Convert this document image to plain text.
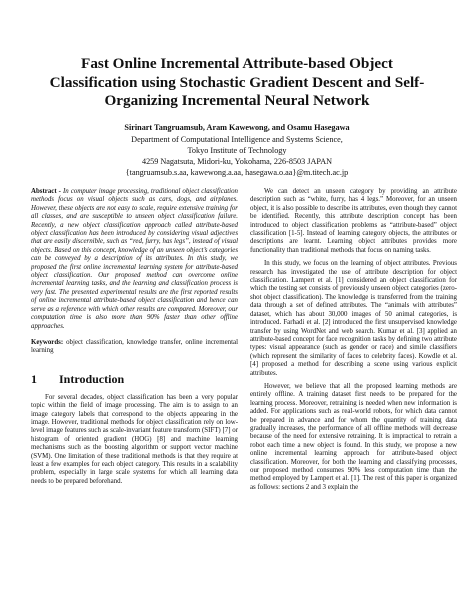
Fast Online Incremental Attribute-based Object
Classification using Stochastic Gradient Descent and Self-
Organizing Incremental Neural Network
Sirinart Tangruamsub, Aram Kawewong, and Osamu Hasegawa
Department of Computational Intelligence and Systems Science,
Tokyo Institute of Technology
4259 Nagatsuta, Midori-ku, Yokohama, 226-8503 JAPAN
{tangruamsub.s.aa, kawewong.a.aa, hasegawa.o.aa}@m.titech.ac.jp
Abstract - In computer image processing, traditional object classification methods focus on visual objects such as cars, dogs, and airplanes. However, these objects are not easy to scale, require extensive training for all classes, and are susceptible to unseen object classification failure. Recently, a new object classification approach called attribute-based object classification has been introduced by considering visual adjectives that are easily discernible, such as “red, furry, has legs”, instead of visual objects. Based on this concept, knowledge of an unseen object’s categories can be conveyed by a description of its attributes. In this study, we proposed the first online incremental learning system for attribute-based object classification. Our proposed method can overcome online incremental learning tasks, and the learning and classification process is very fast. The presented experimental results are the first reported results of online incremental attribute-based object classification and hence can serve as a reference with which other results are compared. Moreover, our computation time is also more than 90% faster than other offline approaches.
Keywords: object classification, knowledge transfer, online incremental learning
1 Introduction

For several decades, object classification has been a very popular topic within the field of image processing. The aim is to assign to an image category labels that correspond to the objects appearing in the image. However, traditional methods for object classification rely on low-level image features such as scale-invariant feature transform (SIFT) [7] or histogram of oriented gradient (HOG) [8] and machine learning mechanisms such as the boosting algorithm or support vector machine (SVM). One limitation of these traditional methods is that they require at least a few examples for each object category. This results in a scalability problem, especially in large scale systems for which all learning data needs to be prepared beforehand.

We can detect an unseen category by providing an attribute description such as “white, furry, has 4 legs.” Moreover, for an unseen object, it is also possible to describe its attributes, even though they cannot be identified. Recently, this attribute description concept has been introduced to object classification problems as “attribute-based” object classification [1-5]. Instead of learning category objects, the attributes or descriptions are learnt. Learning object attributes provides more functionality than traditional methods that focus on naming tasks.

In this study, we focus on the learning of object attributes. Previous research has investigated the use of attribute description for object classification. Lampert et al. [1] considered an object classification for which the testing set consists of previously unseen object categories (zero-shot object classification). The knowledge is transferred from the training data through a set of defined attributes. The “animals with attributes” dataset, which has about 30,000 images of 50 animal categories, is introduced. Farhadi et al. [2] introduced the first unsupervised knowledge transfer by using WordNet and web search. Kumar et al. [3] applied an attribute-based concept for face recognition tasks by defining two attribute types: visual appearance (such as gender or race) and simile classifiers (which represent the similarity of faces to celebrity faces). Kowdle et al. [4] proposed a method for describing a scene using various explicit attributes.

However, we believe that all the proposed learning methods are entirely offline. A training dataset first needs to be prepared for the learning process. Moreover, retraining is needed when new information is added. For applications such as real-world robots, for which data cannot be prepared in advance and for whom the quantity of training data gradually increases, the performance of all offline methods will decrease because of the need for extensive retraining. It is impractical to retrain a robot each time a new object is found. In this study, we propose a new online incremental learning approach for attribute-based object classification. Moreover, for both the learning and classifying processes, our proposed method consumes 90% less computation time than the method employed by Lampert et al. [1]. The rest of this paper is organized as follows: sections 2 and 3 explain the
